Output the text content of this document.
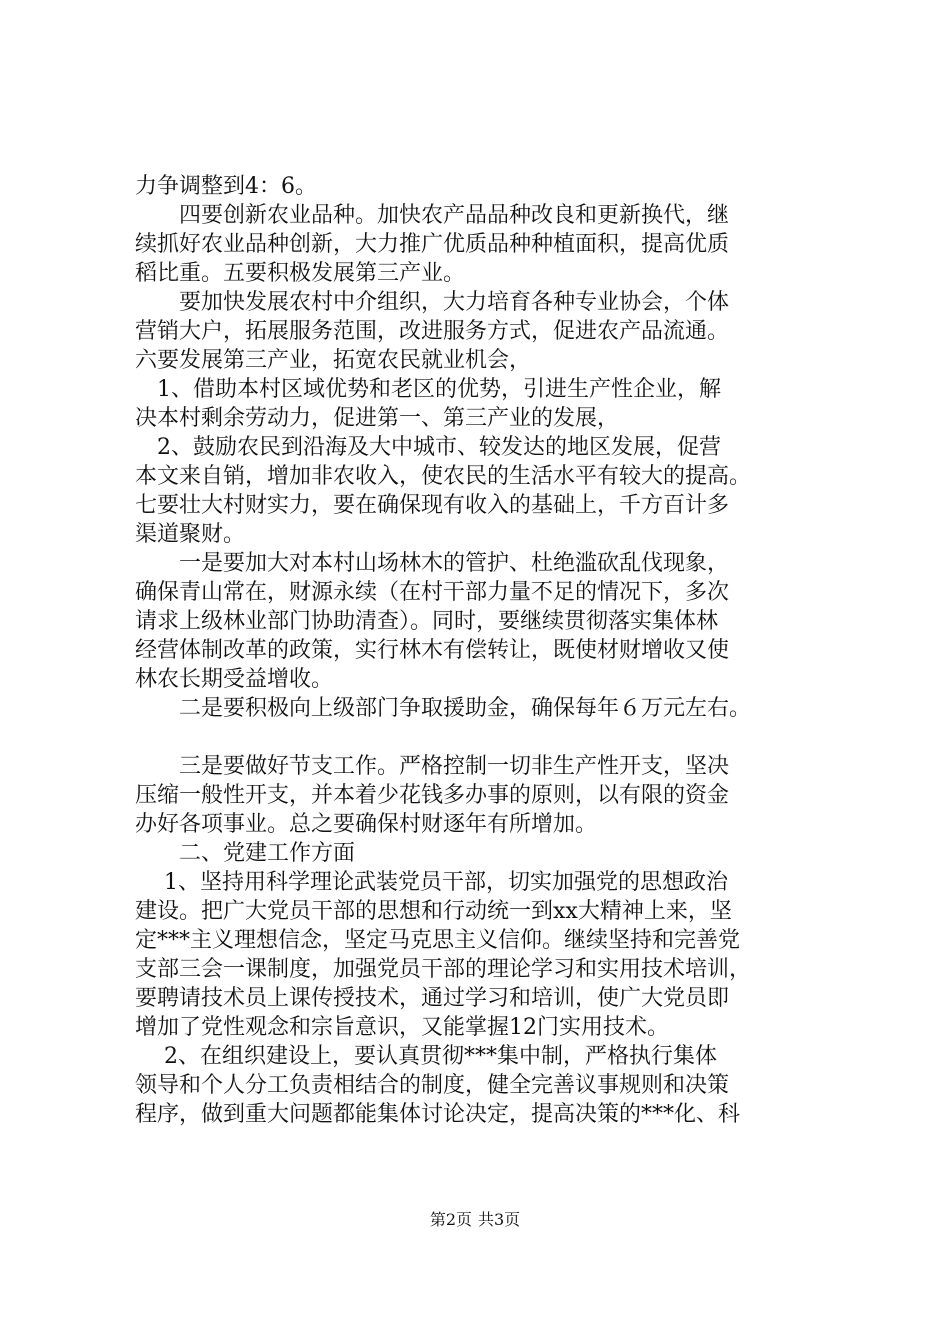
力争调整到4：6。
　　四要创新农业品种。加快农产品品种改良和更新换代，继
续抓好农业品种创新，大力推广优质品种种植面积，提高优质
稻比重。五要积极发展第三产业。
　　要加快发展农村中介组织，大力培育各种专业协会，个体
营销大户，拓展服务范围，改进服务方式，促进农产品流通。
六要发展第三产业，拓宽农民就业机会，
　1、借助本村区域优势和老区的优势，引进生产性企业，解
决本村剩余劳动力，促进第一、第三产业的发展，
　2、鼓励农民到沿海及大中城市、较发达的地区发展，促营
本文来自销，增加非农收入，使农民的生活水平有较大的提高。
七要壮大村财实力，要在确保现有收入的基础上，千方百计多
渠道聚财。
　　一是要加大对本村山场林木的管护、杜绝滥砍乱伐现象，
确保青山常在，财源永续（在村干部力量不足的情况下，多次
请求上级林业部门协助清查）。同时，要继续贯彻落实集体林
经营体制改革的政策，实行林木有偿转让，既使材财增收又使
林农长期受益增收。
　　二是要积极向上级部门争取援助金，确保每年６万元左右。
　　三是要做好节支工作。严格控制一切非生产性开支，坚决
压缩一般性开支，并本着少花钱多办事的原则，以有限的资金
办好各项事业。总之要确保村财逐年有所增加。
　　二、党建工作方面
　 1、坚持用科学理论武装党员干部，切实加强党的思想政治
建设。把广大党员干部的思想和行动统一到xx大精神上来，坚
定***主义理想信念，坚定马克思主义信仰。继续坚持和完善党
支部三会一课制度，加强党员干部的理论学习和实用技术培训，
要聘请技术员上课传授技术，通过学习和培训，使广大党员即
增加了党性观念和宗旨意识，又能掌握12门实用技术。
　 2、在组织建设上，要认真贯彻***集中制，严格执行集体
领导和个人分工负责相结合的制度，健全完善议事规则和决策
程序，做到重大问题都能集体讨论决定，提高决策的***化、科
第2页 共3页
